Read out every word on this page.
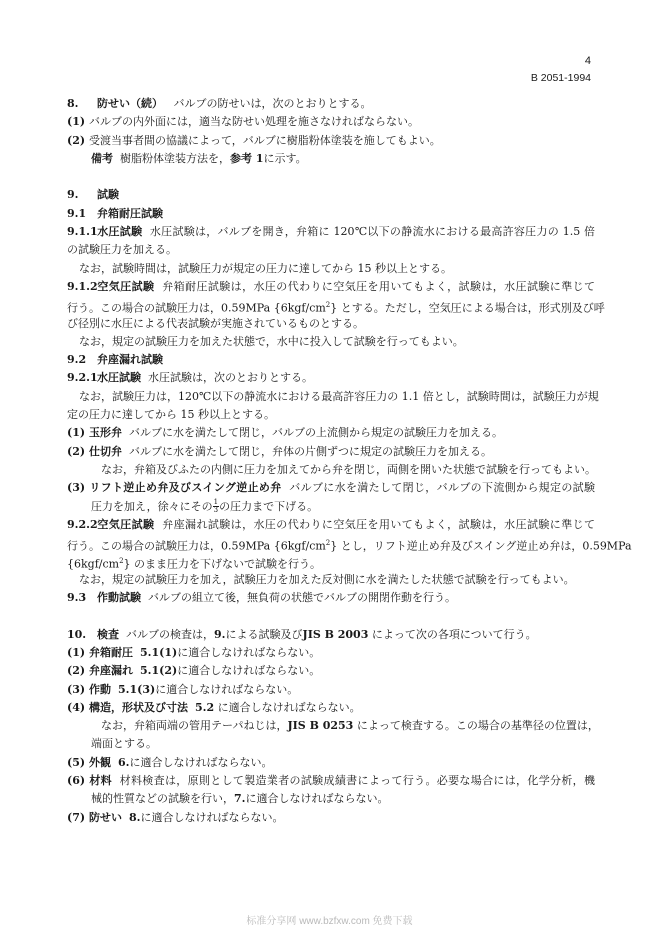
4
B 2051-1994
8. 防せい（続） バルブの防せいは，次のとおりとする。
(1) バルブの内外面には，適当な防せい処理を施さなければならない。
(2) 受渡当事者間の協議によって，バルブに樹脂粉体塗装を施してもよい。
備考 樹脂粉体塗装方法を，参考 1に示す。
9. 試験
9.1 弁箱耐圧試験
9.1.1水圧試験 水圧試験は，バルブを開き，弁箱に 120℃以下の静流水における最高許容圧力の 1.5 倍
の試験圧力を加える。
なお，試験時間は，試験圧力が規定の圧力に達してから 15 秒以上とする。
9.1.2空気圧試験 弁箱耐圧試験は，水圧の代わりに空気圧を用いてもよく，試験は，水圧試験に準じて
行う。この場合の試験圧力は，0.59MPa $\{6kgf/cm^2\}$ とする。ただし，空気圧による場合は，形式別及び呼
び径別に水圧による代表試験が実施されているものとする。
なお，規定の試験圧力を加えた状態で，水中に投入して試験を行ってもよい。
9.2 弁座漏れ試験
9.2.1水圧試験 水圧試験は，次のとおりとする。
なお，試験圧力は，120℃以下の静流水における最高許容圧力の 1.1 倍とし，試験時間は，試験圧力が規
定の圧力に達してから 15 秒以上とする。
(1) 玉形弁 バルブに水を満たして閉じ，バルブの上流側から規定の試験圧力を加える。
(2) 仕切弁 バルブに水を満たして閉じ，弁体の片側ずつに規定の試験圧力を加える。
なお，弁箱及びふたの内側に圧力を加えてから弁を閉じ，両側を開いた状態で試験を行ってもよい。
(3) リフト逆止め弁及びスイング逆止め弁 バルブに水を満たして閉じ，バルブの下流側から規定の試験
圧力を加え，徐々にその $\frac{1}{3}$ の圧力まで下げる。
9.2.2空気圧試験 弁座漏れ試験は，水圧の代わりに空気圧を用いてもよく，試験は，水圧試験に準じて
行う。この場合の試験圧力は，0.59MPa $\{6kgf/cm^2\}$ とし，リフト逆止め弁及びスイング逆止め弁は，0.59MPa
$\{6kgf/cm^2\}$ のまま圧力を下げないで試験を行う。
なお，規定の試験圧力を加え，試験圧力を加えた反対側に水を満たした状態で試験を行ってもよい。
9.3 作動試験 バルブの組立て後，無負荷の状態でバルブの開閉作動を行う。
10. 検査 バルブの検査は，9.による試験及びJIS B 2003 によって次の各項について行う。
(1) 弁箱耐圧 5.1(1)に適合しなければならない。
(2) 弁座漏れ 5.1(2)に適合しなければならない。
(3) 作動 5.1(3)に適合しなければならない。
(4) 構造，形状及び寸法 5.2 に適合しなければならない。
なお，弁箱両端の管用テーパねじは，JIS B 0253 によって検査する。この場合の基準径の位置は，
端面とする。
(5) 外観 6.に適合しなければならない。
(6) 材料 材料検査は，原則として製造業者の試験成績書によって行う。必要な場合には，化学分析，機
械的性質などの試験を行い，7.に適合しなければならない。
(7) 防せい 8.に適合しなければならない。
标准分享网 www.bzfxw.com 免费下载
